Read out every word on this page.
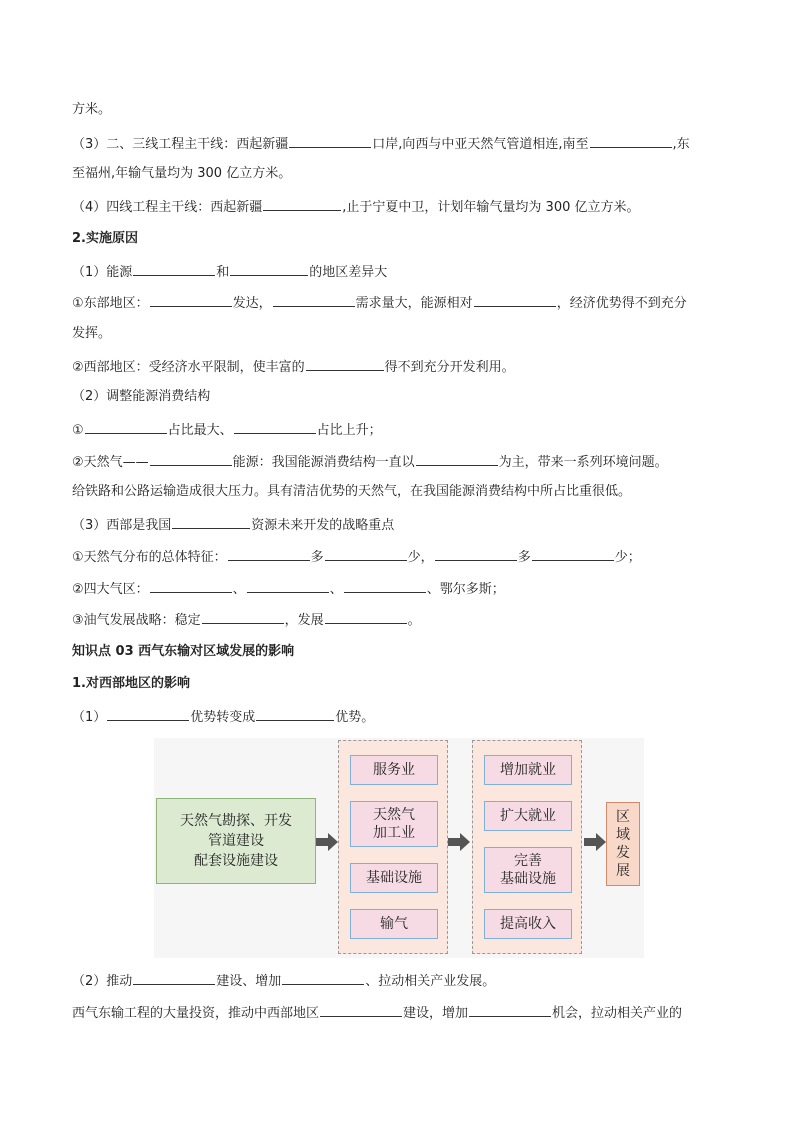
方米。
（3）二、三线工程主干线：西起新疆	口岸,向西与中亚天然气管道相连,南至	,东
至福州,年输气量均为 300 亿立方米。
（4）四线工程主干线：西起新疆	,止于宁夏中卫，计划年输气量均为 300 亿立方米。
2.实施原因
（1）能源	和	的地区差异大
①东部地区：	发达，	需求量大，能源相对	，经济优势得不到充分
发挥。
②西部地区：受经济水平限制，使丰富的	得不到充分开发利用。
（2）调整能源消费结构
①	占比最大、	占比上升；
②天然气——	能源：我国能源消费结构一直以	为主，带来一系列环境问题。
给铁路和公路运输造成很大压力。具有清洁优势的天然气，在我国能源消费结构中所占比重很低。
（3）西部是我国	资源未来开发的战略重点
①天然气分布的总体特征：	多	少，	多	少；
②四大气区：	、	、	、鄂尔多斯；
③油气发展战略：稳定	，发展	。
知识点 03 西气东输对区域发展的影响
1.对西部地区的影响
（1）	优势转变成	优势。
天然气勘探、开发
管道建设
配套设施建设
服务业
天然气
加工业
基础设施
输气
增加就业
扩大就业
完善
基础设施
提高收入
区域发展
（2）推动	建设、增加	、拉动相关产业发展。
西气东输工程的大量投资，推动中西部地区	建设，增加	机会，拉动相关产业的
